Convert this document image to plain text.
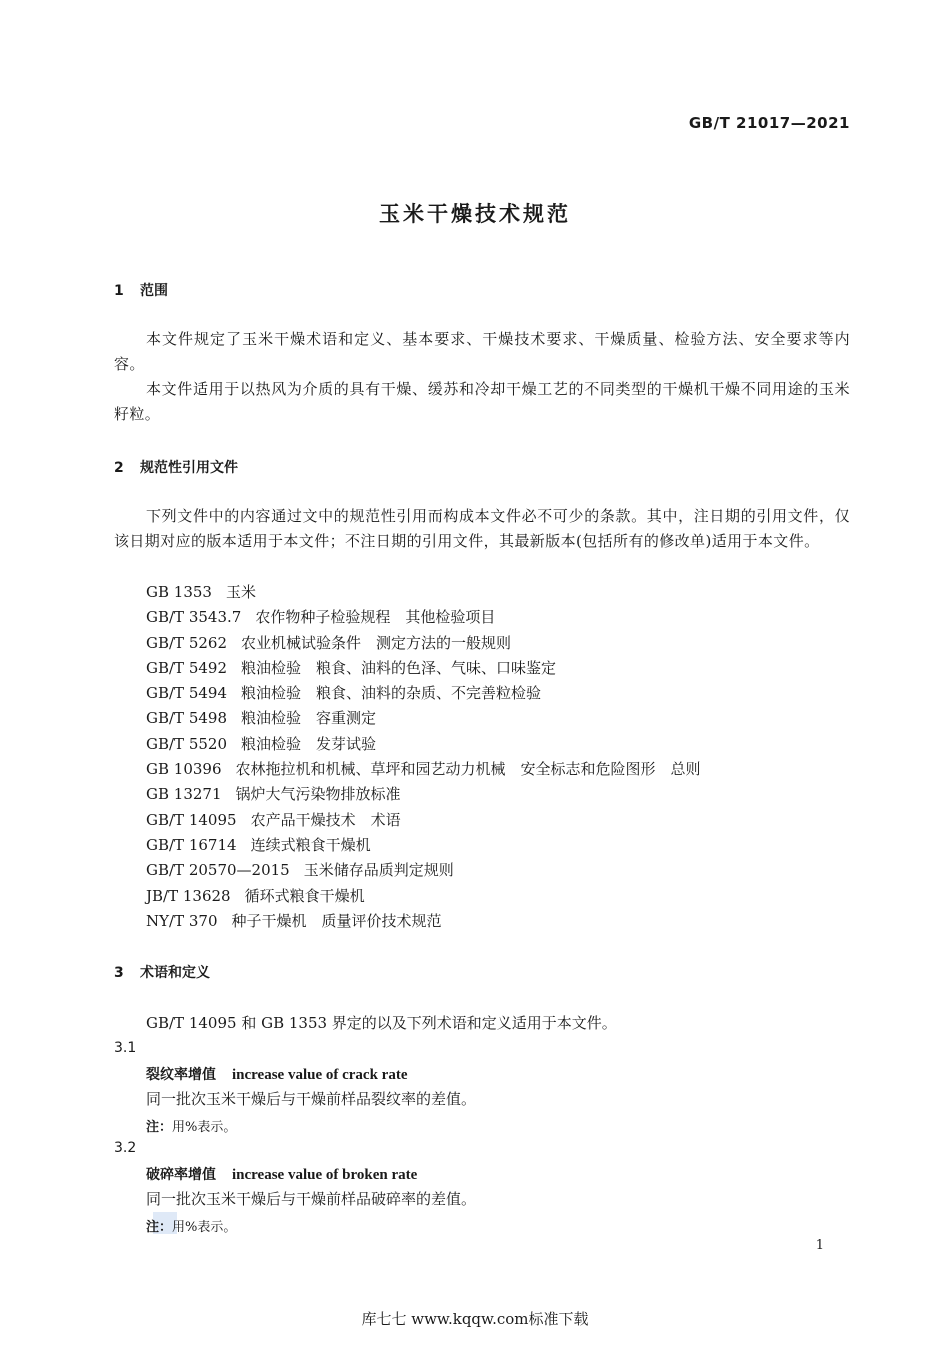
GB/T 21017—2021
玉米干燥技术规范
1 范围
本文件规定了玉米干燥术语和定义、基本要求、干燥技术要求、干燥质量、检验方法、安全要求等内容。
本文件适用于以热风为介质的具有干燥、缓苏和冷却干燥工艺的不同类型的干燥机干燥不同用途的玉米籽粒。
2 规范性引用文件
下列文件中的内容通过文中的规范性引用而构成本文件必不可少的条款。其中，注日期的引用文件，仅该日期对应的版本适用于本文件；不注日期的引用文件，其最新版本(包括所有的修改单)适用于本文件。
GB 1353 玉米
GB/T 3543.7 农作物种子检验规程　其他检验项目
GB/T 5262 农业机械试验条件　测定方法的一般规则
GB/T 5492 粮油检验　粮食、油料的色泽、气味、口味鉴定
GB/T 5494 粮油检验　粮食、油料的杂质、不完善粒检验
GB/T 5498 粮油检验　容重测定
GB/T 5520 粮油检验　发芽试验
GB 10396 农林拖拉机和机械、草坪和园艺动力机械　安全标志和危险图形　总则
GB 13271 锅炉大气污染物排放标准
GB/T 14095 农产品干燥技术　术语
GB/T 16714 连续式粮食干燥机
GB/T 20570—2015 玉米储存品质判定规则
JB/T 13628 循环式粮食干燥机
NY/T 370 种子干燥机　质量评价技术规范
3 术语和定义
GB/T 14095 和 GB 1353 界定的以及下列术语和定义适用于本文件。
3.1
裂纹率增值 increase value of crack rate
同一批次玉米干燥后与干燥前样品裂纹率的差值。
注：用%表示。
3.2
破碎率增值 increase value of broken rate
同一批次玉米干燥后与干燥前样品破碎率的差值。
注：用%表示。
1
库七七 www.kqqw.com标准下载
